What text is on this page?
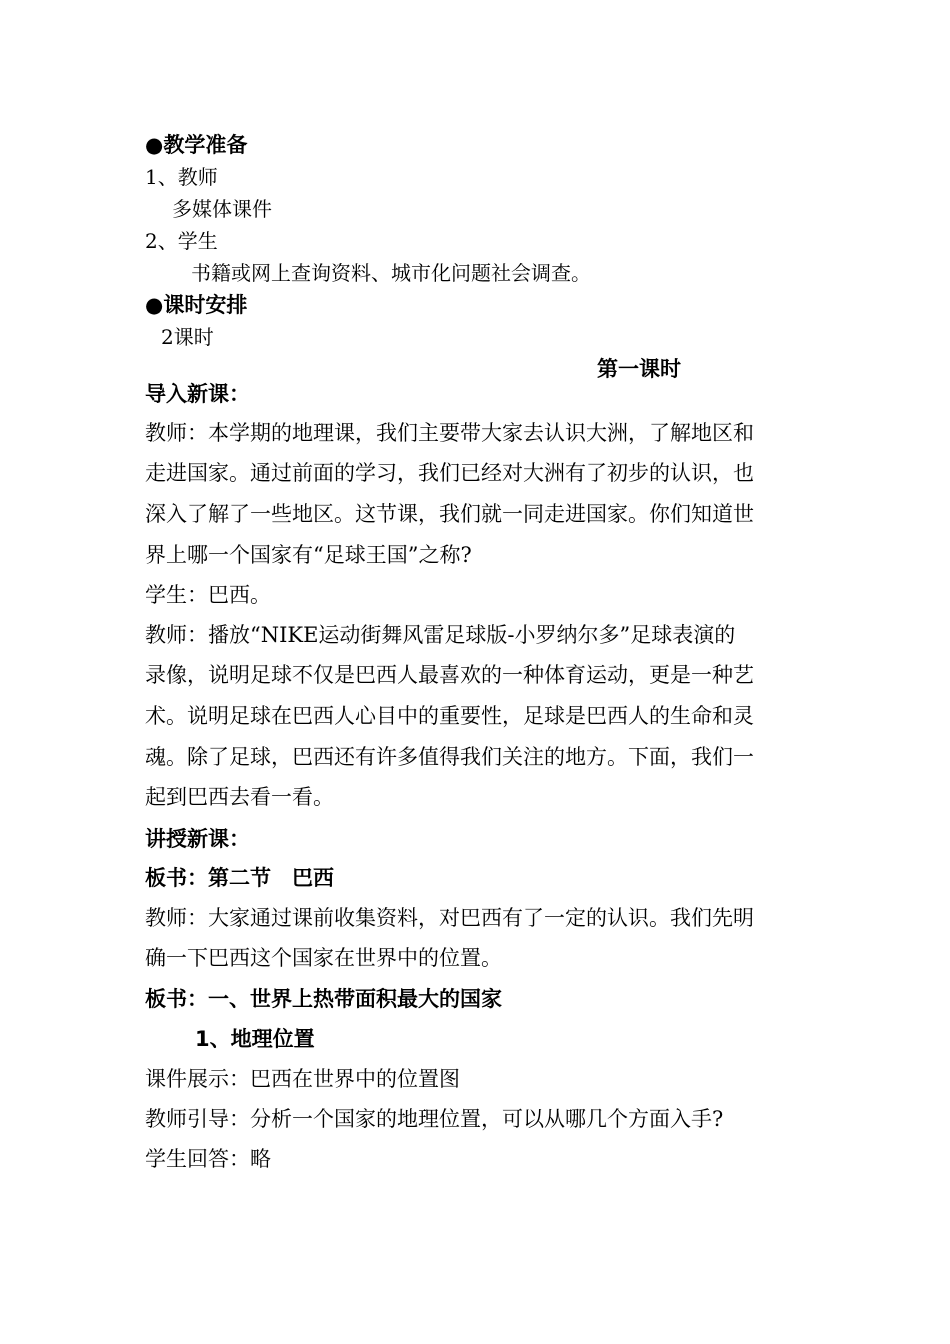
●教学准备
1、教师
多媒体课件
2、学生
书籍或网上查询资料、城市化问题社会调查。
●课时安排
2课时
第一课时
导入新课：
教师：本学期的地理课，我们主要带大家去认识大洲，了解地区和
走进国家。通过前面的学习，我们已经对大洲有了初步的认识，也
深入了解了一些地区。这节课，我们就一同走进国家。你们知道世
界上哪一个国家有“足球王国”之称?
学生：巴西。
教师：播放“NIKE运动街舞风雷足球版-小罗纳尔多”足球表演的
录像，说明足球不仅是巴西人最喜欢的一种体育运动，更是一种艺
术。说明足球在巴西人心目中的重要性，足球是巴西人的生命和灵
魂。除了足球，巴西还有许多值得我们关注的地方。下面，我们一
起到巴西去看一看。
讲授新课：
板书：第二节　巴西
教师：大家通过课前收集资料，对巴西有了一定的认识。我们先明
确一下巴西这个国家在世界中的位置。
板书：一、世界上热带面积最大的国家
1、地理位置
课件展示：巴西在世界中的位置图
教师引导：分析一个国家的地理位置，可以从哪几个方面入手?
学生回答：略
